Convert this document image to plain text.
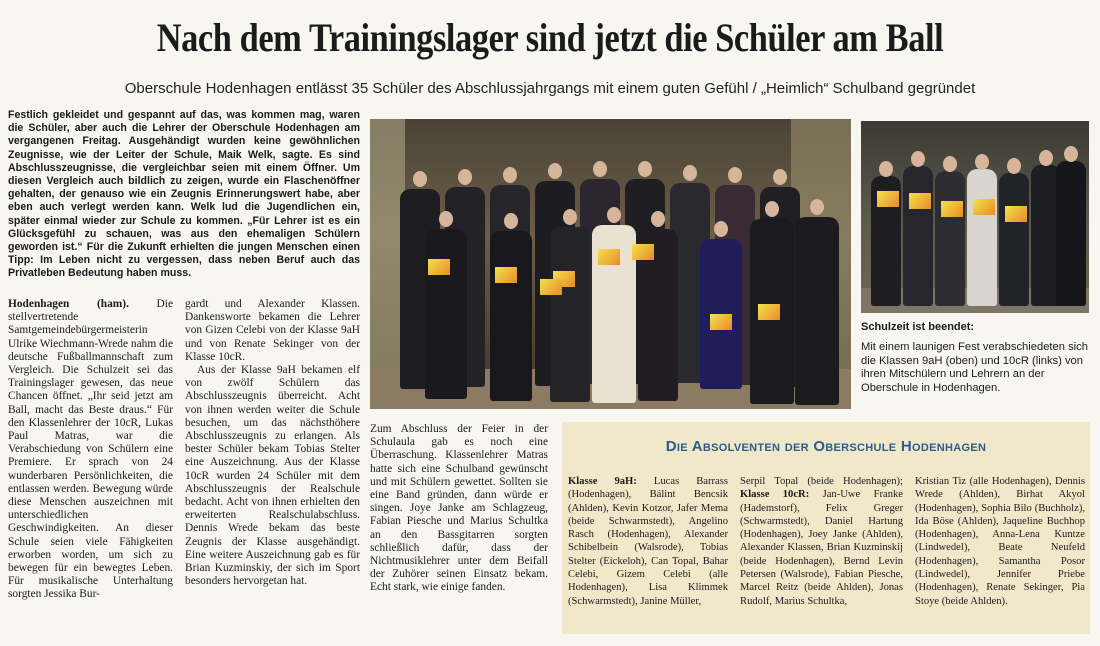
Nach dem Trainingslager sind jetzt die Schüler am Ball
Oberschule Hodenhagen entlässt 35 Schüler des Abschlussjahrgangs mit einem guten Gefühl / „Heimlich“ Schulband gegründet
Festlich gekleidet und gespannt auf das, was kommen mag, waren die Schüler, aber auch die Lehrer der Oberschule Hodenhagen am vergangenen Freitag. Ausgehändigt wurden keine gewöhnlichen Zeugnisse, wie der Leiter der Schule, Maik Welk, sagte. Es sind Abschlusszeugnisse, die vergleichbar seien mit einem Öffner. Um diesen Vergleich auch bildlich zu zeigen, wurde ein Flaschenöffner gehalten, der genauso wie ein Zeugnis Erinnerungswert habe, aber eben auch verlegt werden kann. Welk lud die Jugendlichen ein, später einmal wieder zur Schule zu kommen. „Für Lehrer ist es ein Glücksgefühl zu schauen, was aus den ehemaligen Schülern geworden ist.“ Für die Zukunft erhielten die jungen Menschen einen Tipp: Im Leben nicht zu vergessen, dass neben Beruf auch das Privatleben Bedeutung haben muss.

Hodenhagen (ham). Die stellvertretende Samtgemeindebürgermeisterin Ulrike Wiechmann-Wrede nahm die deutsche Fußballmannschaft zum Vergleich. Die Schulzeit sei das Trainingslager gewesen, das neue Chancen öffnet. „Ihr seid jetzt am Ball, macht das Beste draus.“ Für den Klassenlehrer der 10cR, Lukas Paul Matras, war die Verabschiedung von Schülern eine Premiere. Er sprach von 24 wunderbaren Persönlichkeiten, die entlassen werden. Bewegung würde diese Menschen auszeichnen mit unterschiedlichen Geschwindigkeiten. An dieser Schule seien viele Fähigkeiten erworben worden, um sich zu bewegen für ein bewegtes Leben. Für musikalische Unterhaltung sorgten Jessika Bur-

gardt und Alexander Klassen. Dankensworte bekamen die Lehrer von Gizen Celebi von der Klasse 9aH und von Renate Sekinger von der Klasse 10cR.

Aus der Klasse 9aH bekamen elf von zwölf Schülern das Abschlusszeugnis überreicht. Acht von ihnen werden weiter die Schule besuchen, um das nächsthöhere Abschlusszeugnis zu erlangen. Als bester Schüler bekam Tobias Stelter eine Auszeichnung. Aus der Klasse 10cR wurden 24 Schüler mit dem Abschlusszeugnis der Realschule bedacht. Acht von ihnen erhielten den erweiterten Realschulabschluss. Dennis Wrede bekam das beste Zeugnis der Klasse ausgehändigt. Eine weitere Auszeichnung gab es für Brian Kuzminskiy, der sich im Sport besonders hervorgetan hat.

Zum Abschluss der Feier in der Schulaula gab es noch eine Überraschung. Klassenlehrer Matras hatte sich eine Schulband gewünscht und mit Schülern gewettet. Sollten sie eine Band gründen, dann würde er singen. Joye Janke am Schlagzeug, Fabian Piesche und Marius Schultka an den Bassgitarren sorgten schließlich dafür, dass der Nichtmusiklehrer unter dem Beifall der Zuhörer seinen Einsatz bekam. Echt stark, wie einige fanden.

Schulzeit ist beendet:
Mit einem launigen Fest verabschiedeten sich die Klassen 9aH (oben) und 10cR (links) von ihren Mitschülern und Lehrern an der Oberschule in Hodenhagen.
Die Absolventen der Oberschule Hodenhagen
Klasse 9aH: Lucas Barrass (Hodenhagen), Bálint Bencsik (Ahlden), Kevin Kotzor, Jafer Mema (beide Schwarmstedt), Angelino Rasch (Hodenhagen), Alexander Schibelbein (Walsrode), Tobias Stelter (Eickeloh), Can Topal, Bahar Celebi, Gizem Celebi (alle Hodenhagen), Lisa Klimmek (Schwarmstedt), Janine Müller,
Serpil Topal (beide Hodenhagen); Klasse 10cR: Jan-Uwe Franke (Hademstorf), Felix Greger (Schwarmstedt), Daniel Hartung (Hodenhagen), Joey Janke (Ahlden), Alexander Klassen, Brian Kuzminskij (beide Hodenhagen), Bernd Levin Petersen (Walsrode), Fabian Piesche, Marcel Reitz (beide Ahlden), Jonas Rudolf, Marius Schultka,
Kristian Tiz (alle Hodenhagen), Dennis Wrede (Ahlden), Birhat Akyol (Hodenhagen), Sophia Bilo (Buchholz), Ida Böse (Ahlden), Jaqueline Buchhop (Hodenhagen), Anna-Lena Kuntze (Lindwedel), Beate Neufeld (Hodenhagen), Samantha Posor (Lindwedel), Jennifer Priebe (Hodenhagen), Renate Sekinger, Pia Stoye (beide Ahlden).
